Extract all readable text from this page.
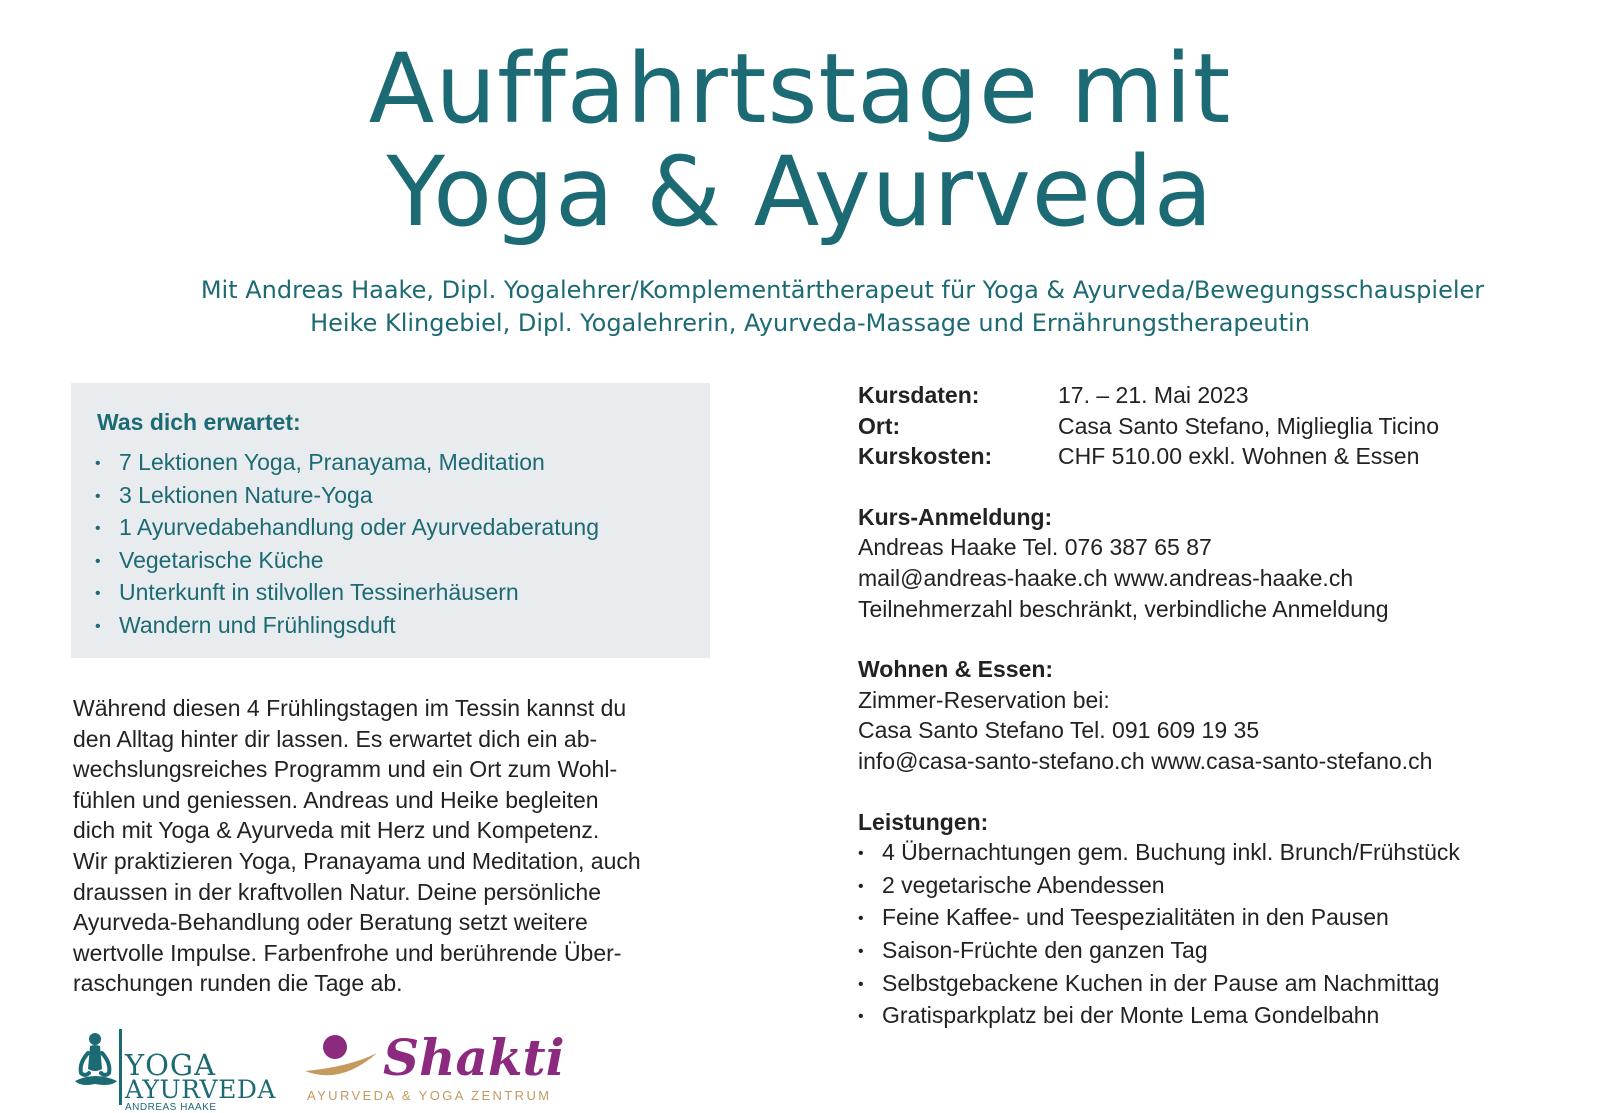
Auffahrtstage mit
Yoga & Ayurveda
Mit Andreas Haake, Dipl. Yogalehrer/Komplementärtherapeut für Yoga & Ayurveda/Bewegungsschauspieler
Heike Klingebiel, Dipl. Yogalehrerin, Ayurveda-Massage und Ernährungstherapeutin
Was dich erwartet:
• 7 Lektionen Yoga, Pranayama, Meditation
• 3 Lektionen Nature-Yoga
• 1 Ayurvedabehandlung oder Ayurvedaberatung
• Vegetarische Küche
• Unterkunft in stilvollen Tessinerhäusern
• Wandern und Frühlingsduft
Während diesen 4 Frühlingstagen im Tessin kannst du
den Alltag hinter dir lassen. Es erwartet dich ein ab-
wechslungsreiches Programm und ein Ort zum Wohl-
fühlen und geniessen. Andreas und Heike begleiten
dich mit Yoga & Ayurveda mit Herz und Kompetenz.
Wir praktizieren Yoga, Pranayama und Meditation, auch
draussen in der kraftvollen Natur. Deine persönliche
Ayurveda-Behandlung oder Beratung setzt weitere
wertvolle Impulse. Farbenfrohe und berührende Über-
raschungen runden die Tage ab.
Kursdaten:	17. – 21. Mai 2023
Ort:	Casa Santo Stefano, Miglieglia Ticino
Kurskosten:	CHF 510.00 exkl. Wohnen & Essen
Kurs-Anmeldung:
Andreas Haake Tel. 076 387 65 87
mail@andreas-haake.ch www.andreas-haake.ch
Teilnehmerzahl beschränkt, verbindliche Anmeldung
Wohnen & Essen:
Zimmer-Reservation bei:
Casa Santo Stefano Tel. 091 609 19 35
info@casa-santo-stefano.ch www.casa-santo-stefano.ch
Leistungen:
• 4 Übernachtungen gem. Buchung inkl. Brunch/Frühstück
• 2 vegetarische Abendessen
• Feine Kaffee- und Teespezialitäten in den Pausen
• Saison-Früchte den ganzen Tag
• Selbstgebackene Kuchen in der Pause am Nachmittag
• Gratisparkplatz bei der Monte Lema Gondelbahn
YOGA
AYURVEDA
ANDREAS HAAKE
Shakti
AYURVEDA & YOGA ZENTRUM
